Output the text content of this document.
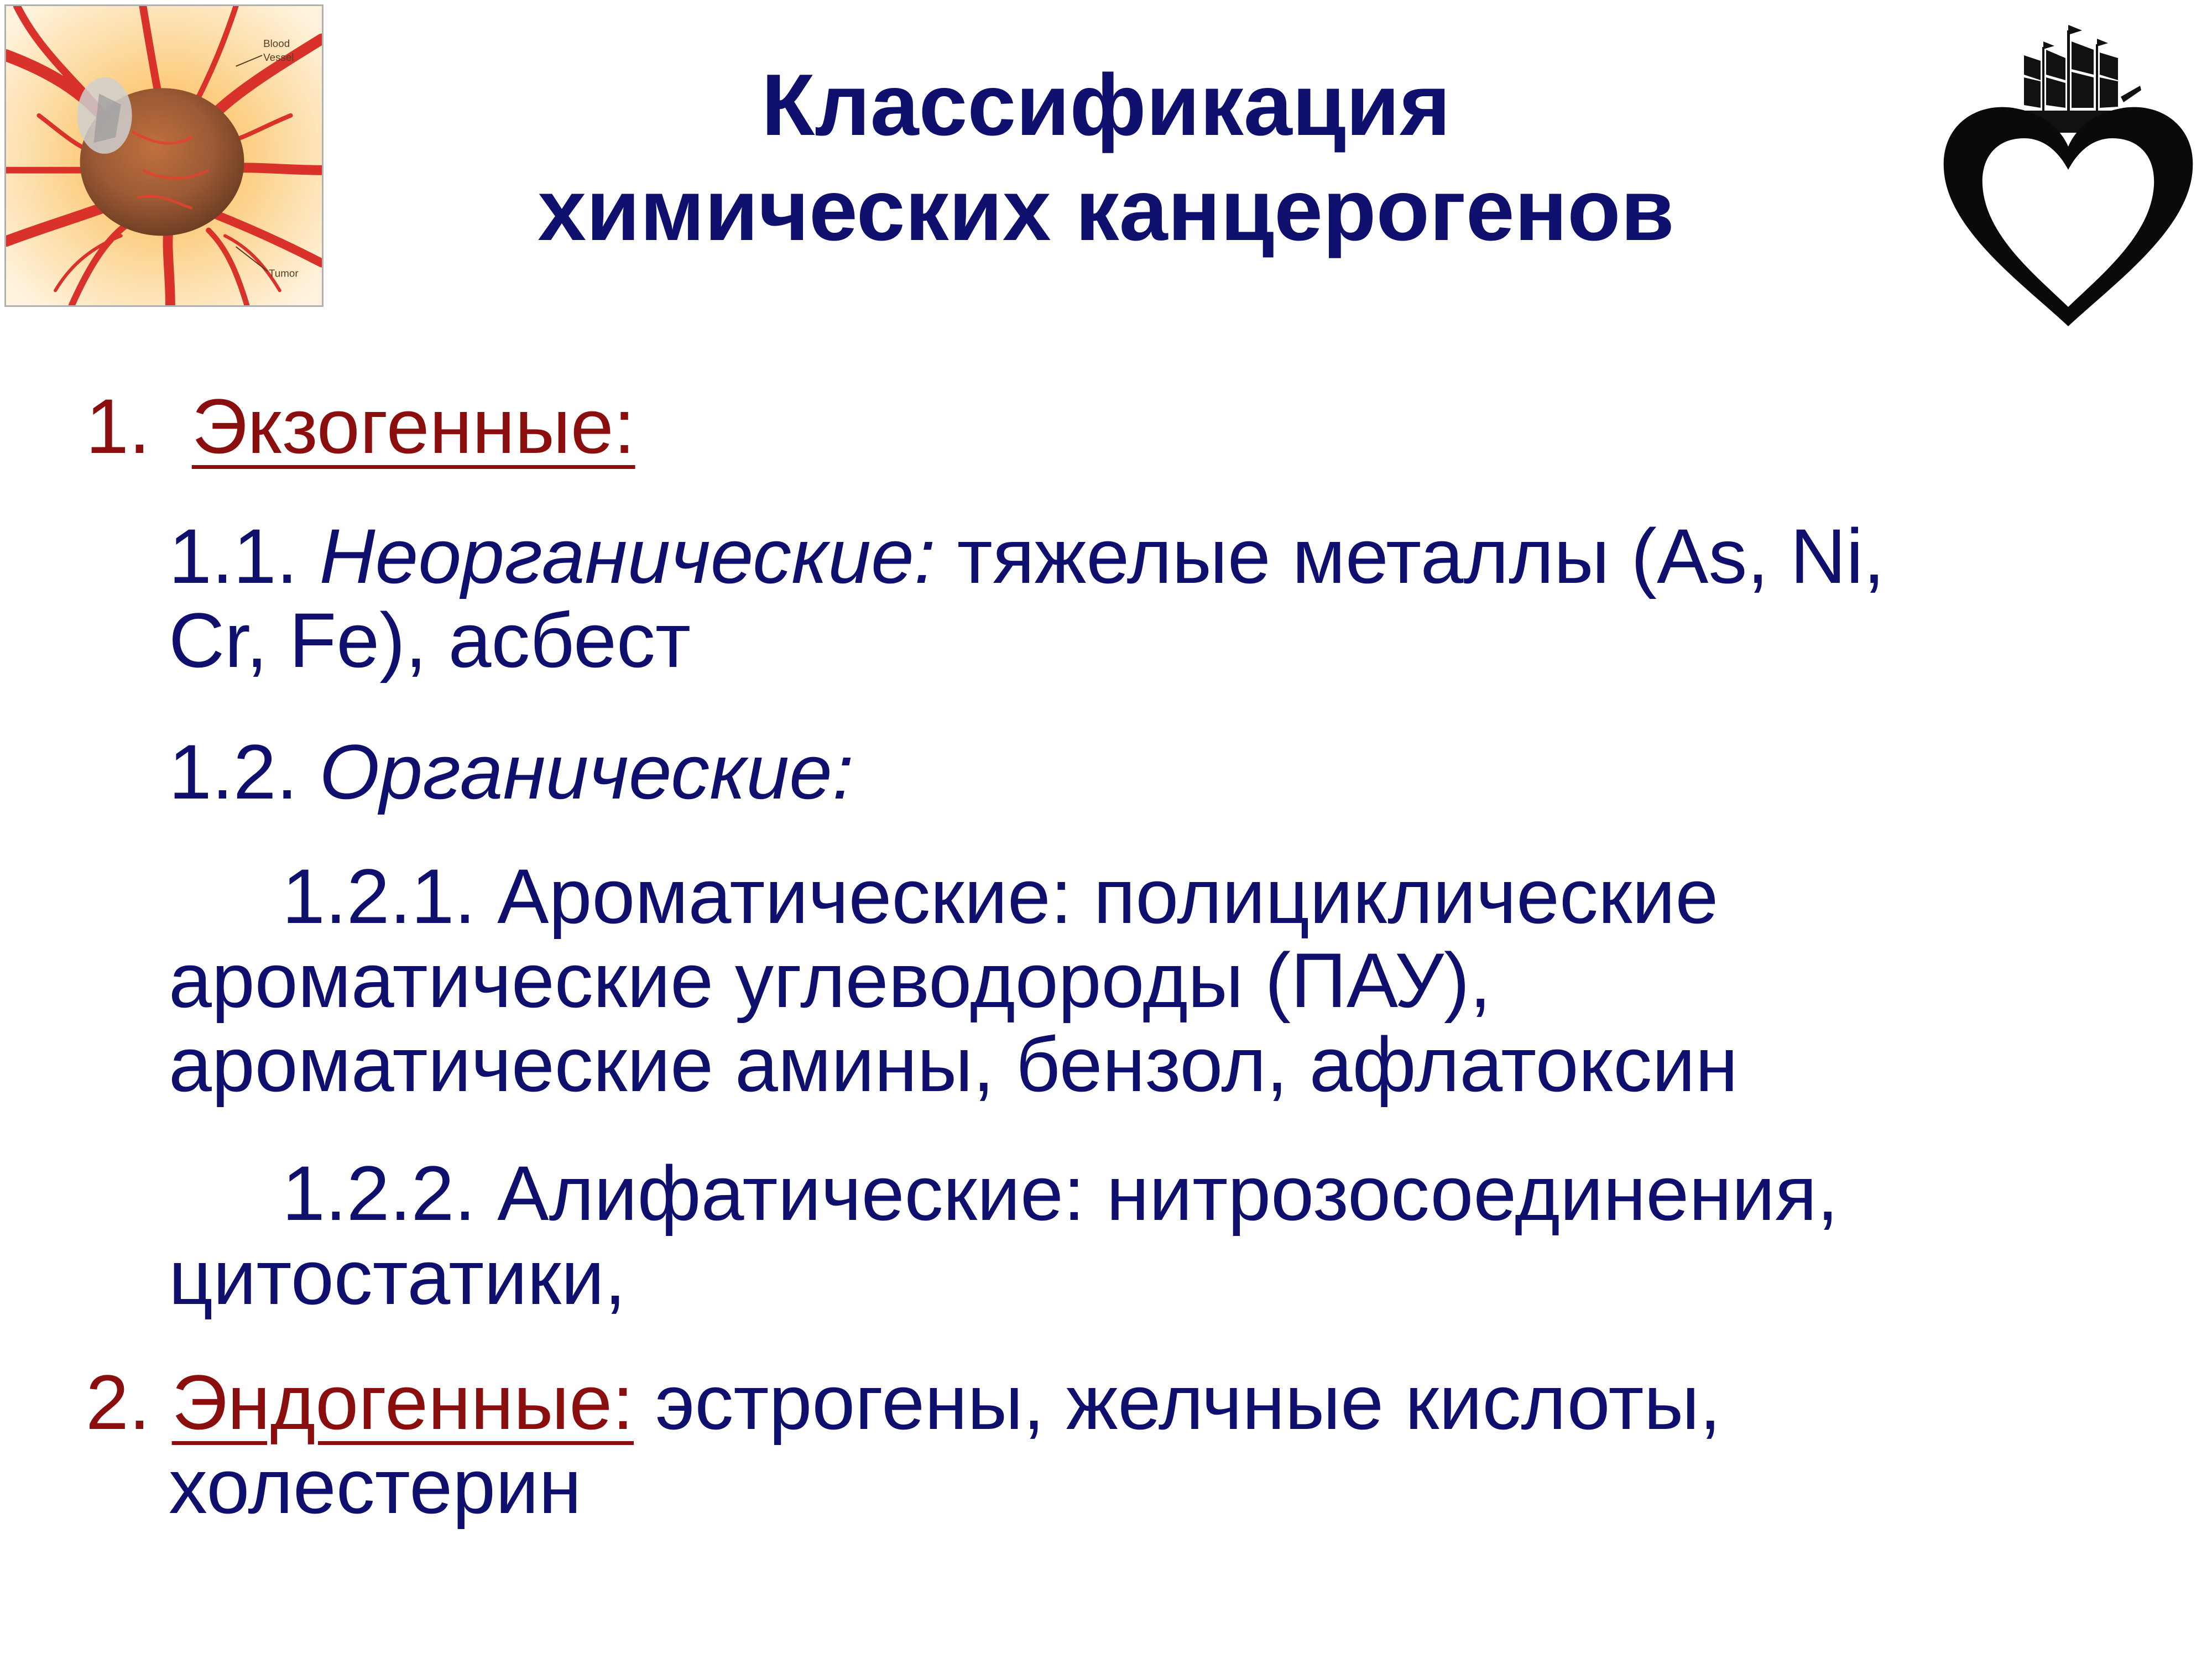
Blood
Vessel
Tumor
Классификация
химических канцерогенов
1. Экзогенные:
1.1. Неорганические: тяжелые металлы (As, Ni,
Cr, Fe), асбест
1.2. Органические:
1.2.1. Ароматические: полициклические
ароматические углеводороды (ПАУ),
ароматические амины, бензол, афлатоксин
1.2.2. Алифатические: нитрозосоединения,
цитостатики,
2. Эндогенные: эстрогены, желчные кислоты,
холестерин
